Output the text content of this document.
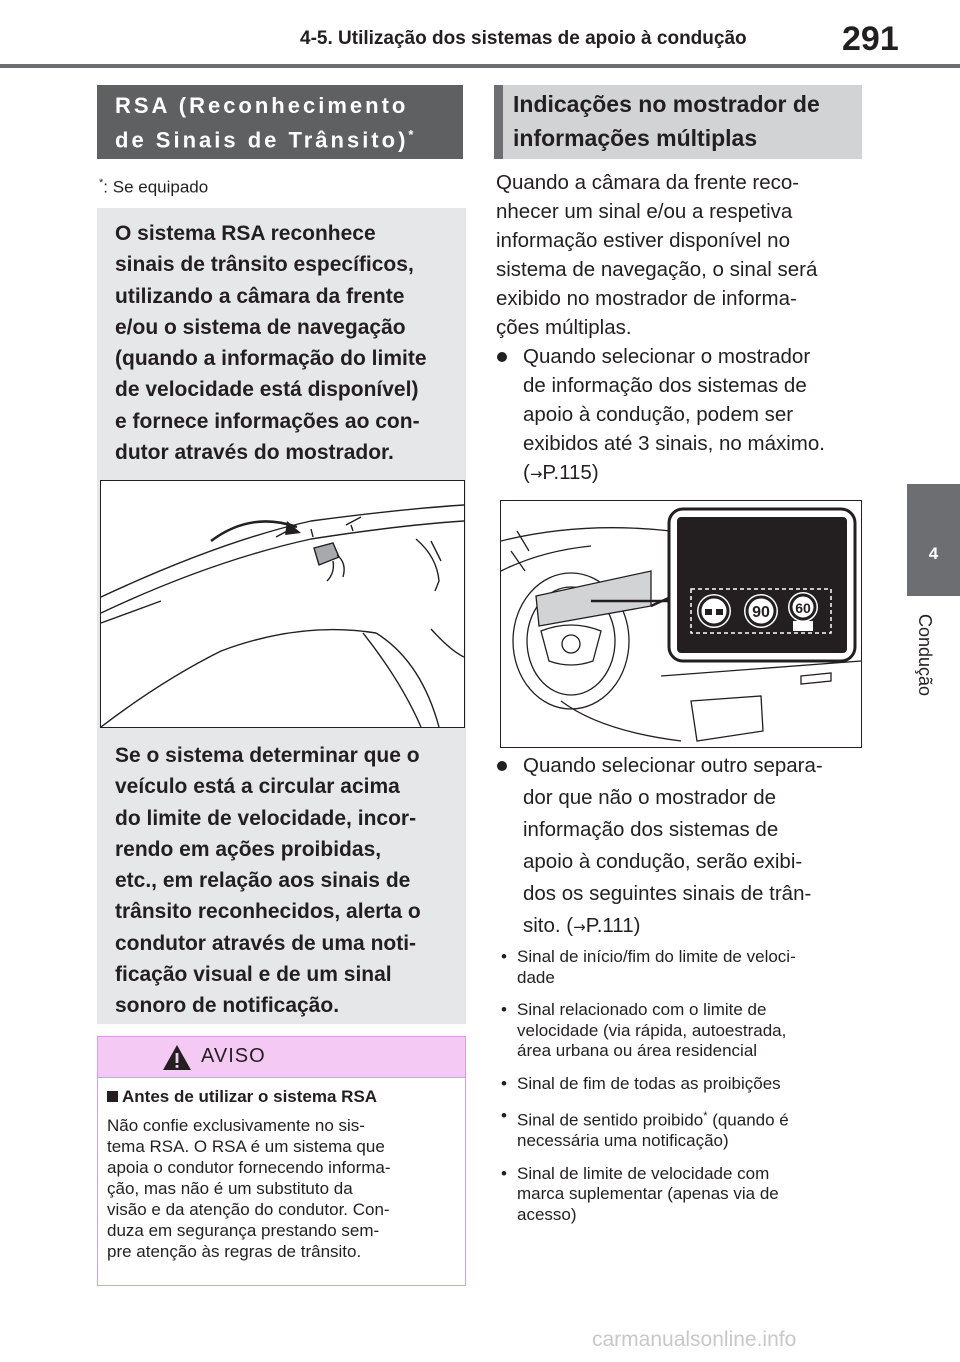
4-5. Utilização dos sistemas de apoio à condução	291
4
Condução
RSA (Reconhecimento
de Sinais de Trânsito)*
*: Se equipado
O sistema RSA reconhece
sinais de trânsito específicos,
utilizando a câmara da frente
e/ou o sistema de navegação
(quando a informação do limite
de velocidade está disponível)
e fornece informações ao con-
dutor através do mostrador.
Se o sistema determinar que o
veículo está a circular acima
do limite de velocidade, incor-
rendo em ações proibidas,
etc., em relação aos sinais de
trânsito reconhecidos, alerta o
condutor através de uma noti-
ficação visual e de um sinal
sonoro de notificação.
AVISO
Antes de utilizar o sistema RSA
Não confie exclusivamente no sis-
tema RSA. O RSA é um sistema que
apoia o condutor fornecendo informa-
ção, mas não é um substituto da
visão e da atenção do condutor. Con-
duza em segurança prestando sem-
pre atenção às regras de trânsito.
Indicações no mostrador de
informações múltiplas
Quando a câmara da frente reco-
nhecer um sinal e/ou a respetiva
informação estiver disponível no
sistema de navegação, o sinal será
exibido no mostrador de informa-
ções múltiplas.
Quando selecionar o mostrador
de informação dos sistemas de
apoio à condução, podem ser
exibidos até 3 sinais, no máximo.
(→P.115)
90 60
Quando selecionar outro separa-
dor que não o mostrador de
informação dos sistemas de
apoio à condução, serão exibi-
dos os seguintes sinais de trân-
sito. (→P.111)
• Sinal de início/fim do limite de veloci-
dade
• Sinal relacionado com o limite de
velocidade (via rápida, autoestrada,
área urbana ou área residencial
• Sinal de fim de todas as proibições
• Sinal de sentido proibido* (quando é
necessária uma notificação)
• Sinal de limite de velocidade com
marca suplementar (apenas via de
acesso)
carmanualsonline.info
